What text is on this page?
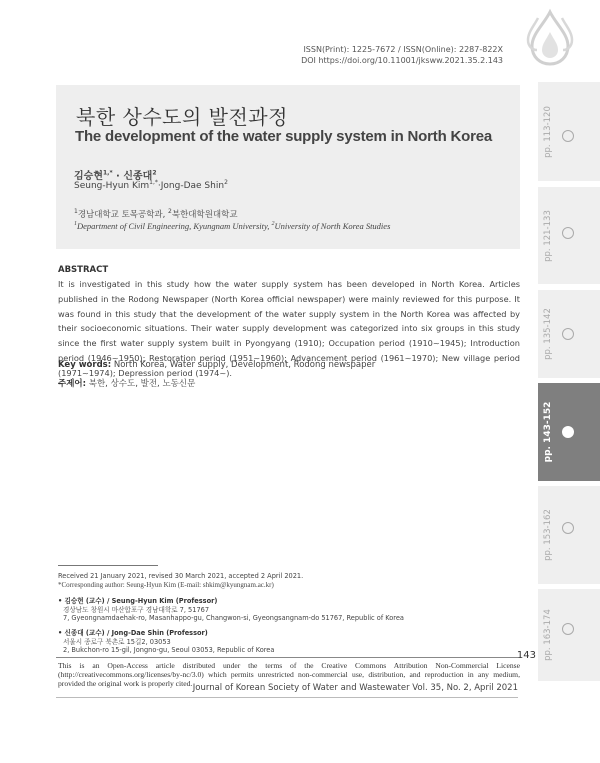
ISSN(Print): 1225-7672 / ISSN(Online): 2287-822X
DOI https://doi.org/10.11001/jksww.2021.35.2.143
북한 상수도의 발전과정
The development of the water supply system in North Korea
김승현$^{1,*}$ · 신종대$^2$
Seung-Hyun Kim$^{1,*}$·Jong-Dae Shin$^2$
$^1$경남대학교 토목공학과, $^2$북한대학원대학교
$^1$Department of Civil Engineering, Kyungnam University, $^2$University of North Korea Studies
ABSTRACT
It is investigated in this study how the water supply system has been developed in North Korea. Articles published in the Rodong Newspaper (North Korea official newspaper) were mainly reviewed for this purpose. It was found in this study that the development of the water supply system in the North Korea was affected by their socioeconomic situations. Their water supply development was categorized into six groups in this study since the first water supply system built in Pyongyang (1910); Occupation period (1910~1945); Introduction period (1946~1950); Restoration period (1951~1960); Advancement period (1961~1970); New village period (1971~1974); Depression period (1974~).
Key words: North Korea, Water supply, Development, Rodong newspaper
주제어: 북한, 상수도, 발전, 노동신문
Received 21 January 2021, revised 30 March 2021, accepted 2 April 2021.
*Corresponding author: Seung-Hyun Kim (E-mail: shkim@kyungnam.ac.kr)
• 김승현 (교수) / Seung-Hyun Kim (Professor)
경상남도 창원시 마산합포구 경남대학로 7, 51767
7, Gyeongnamdaehak-ro, Masanhappo-gu, Changwon-si, Gyeongsangnam-do 51767, Republic of Korea
• 신종대 (교수) / Jong-Dae Shin (Professor)
서울시 종로구 북촌로 15길2, 03053
2, Bukchon-ro 15-gil, Jongno-gu, Seoul 03053, Republic of Korea
This is an Open-Access article distributed under the terms of the Creative Commons Attribution Non-Commercial License (http://creativecommons.org/licenses/by-nc/3.0) which permits unrestricted non-commercial use, distribution, and reproduction in any medium, provided the original work is properly cited.
143
Journal of Korean Society of Water and Wastewater Vol. 35, No. 2, April 2021
pp. 113-120
pp. 121-133
pp. 135-142
pp. 143-152
pp. 153-162
pp. 163-174
